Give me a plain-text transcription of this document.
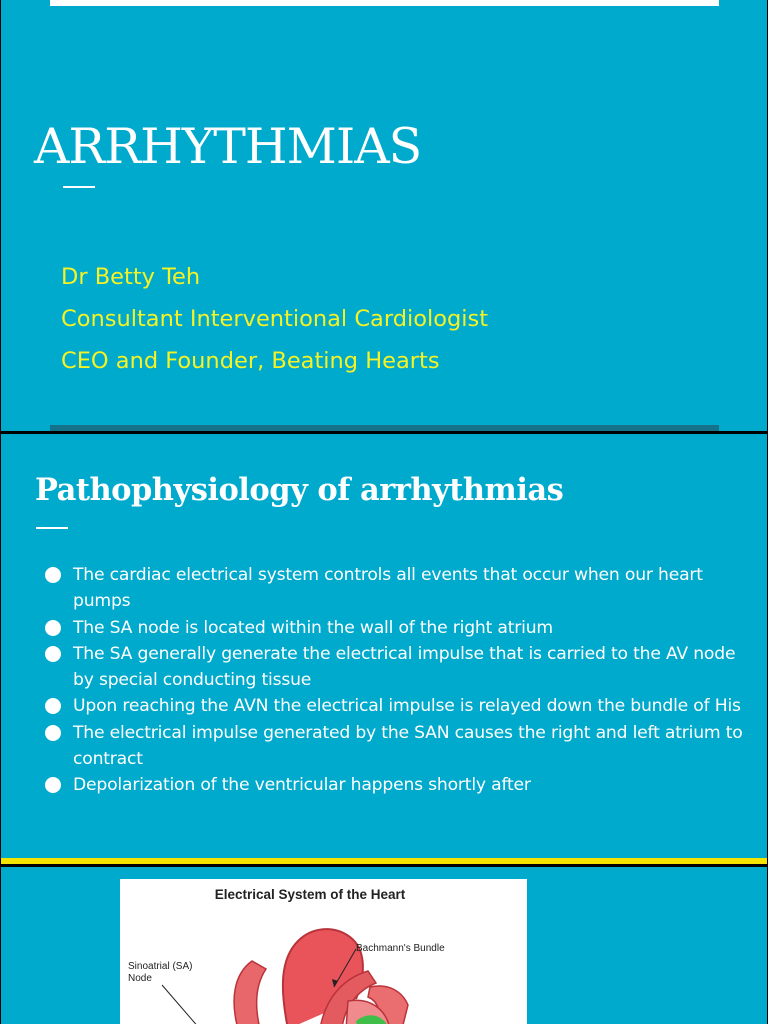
ARRHYTHMIAS
Dr Betty Teh
Consultant Interventional Cardiologist
CEO and Founder, Beating Hearts
Pathophysiology of arrhythmias
The cardiac electrical system controls all events that occur when our heart pumps
The SA node is located within the wall of the right atrium
The SA generally generate the electrical impulse that is carried to the AV node by special conducting tissue
Upon reaching the AVN the electrical impulse is relayed down the bundle of His
The electrical impulse generated by the SAN causes the right and left atrium to contract
Depolarization of the ventricular happens shortly after
Electrical System of the Heart
Sinoatrial (SA) Node
Bachmann's Bundle
